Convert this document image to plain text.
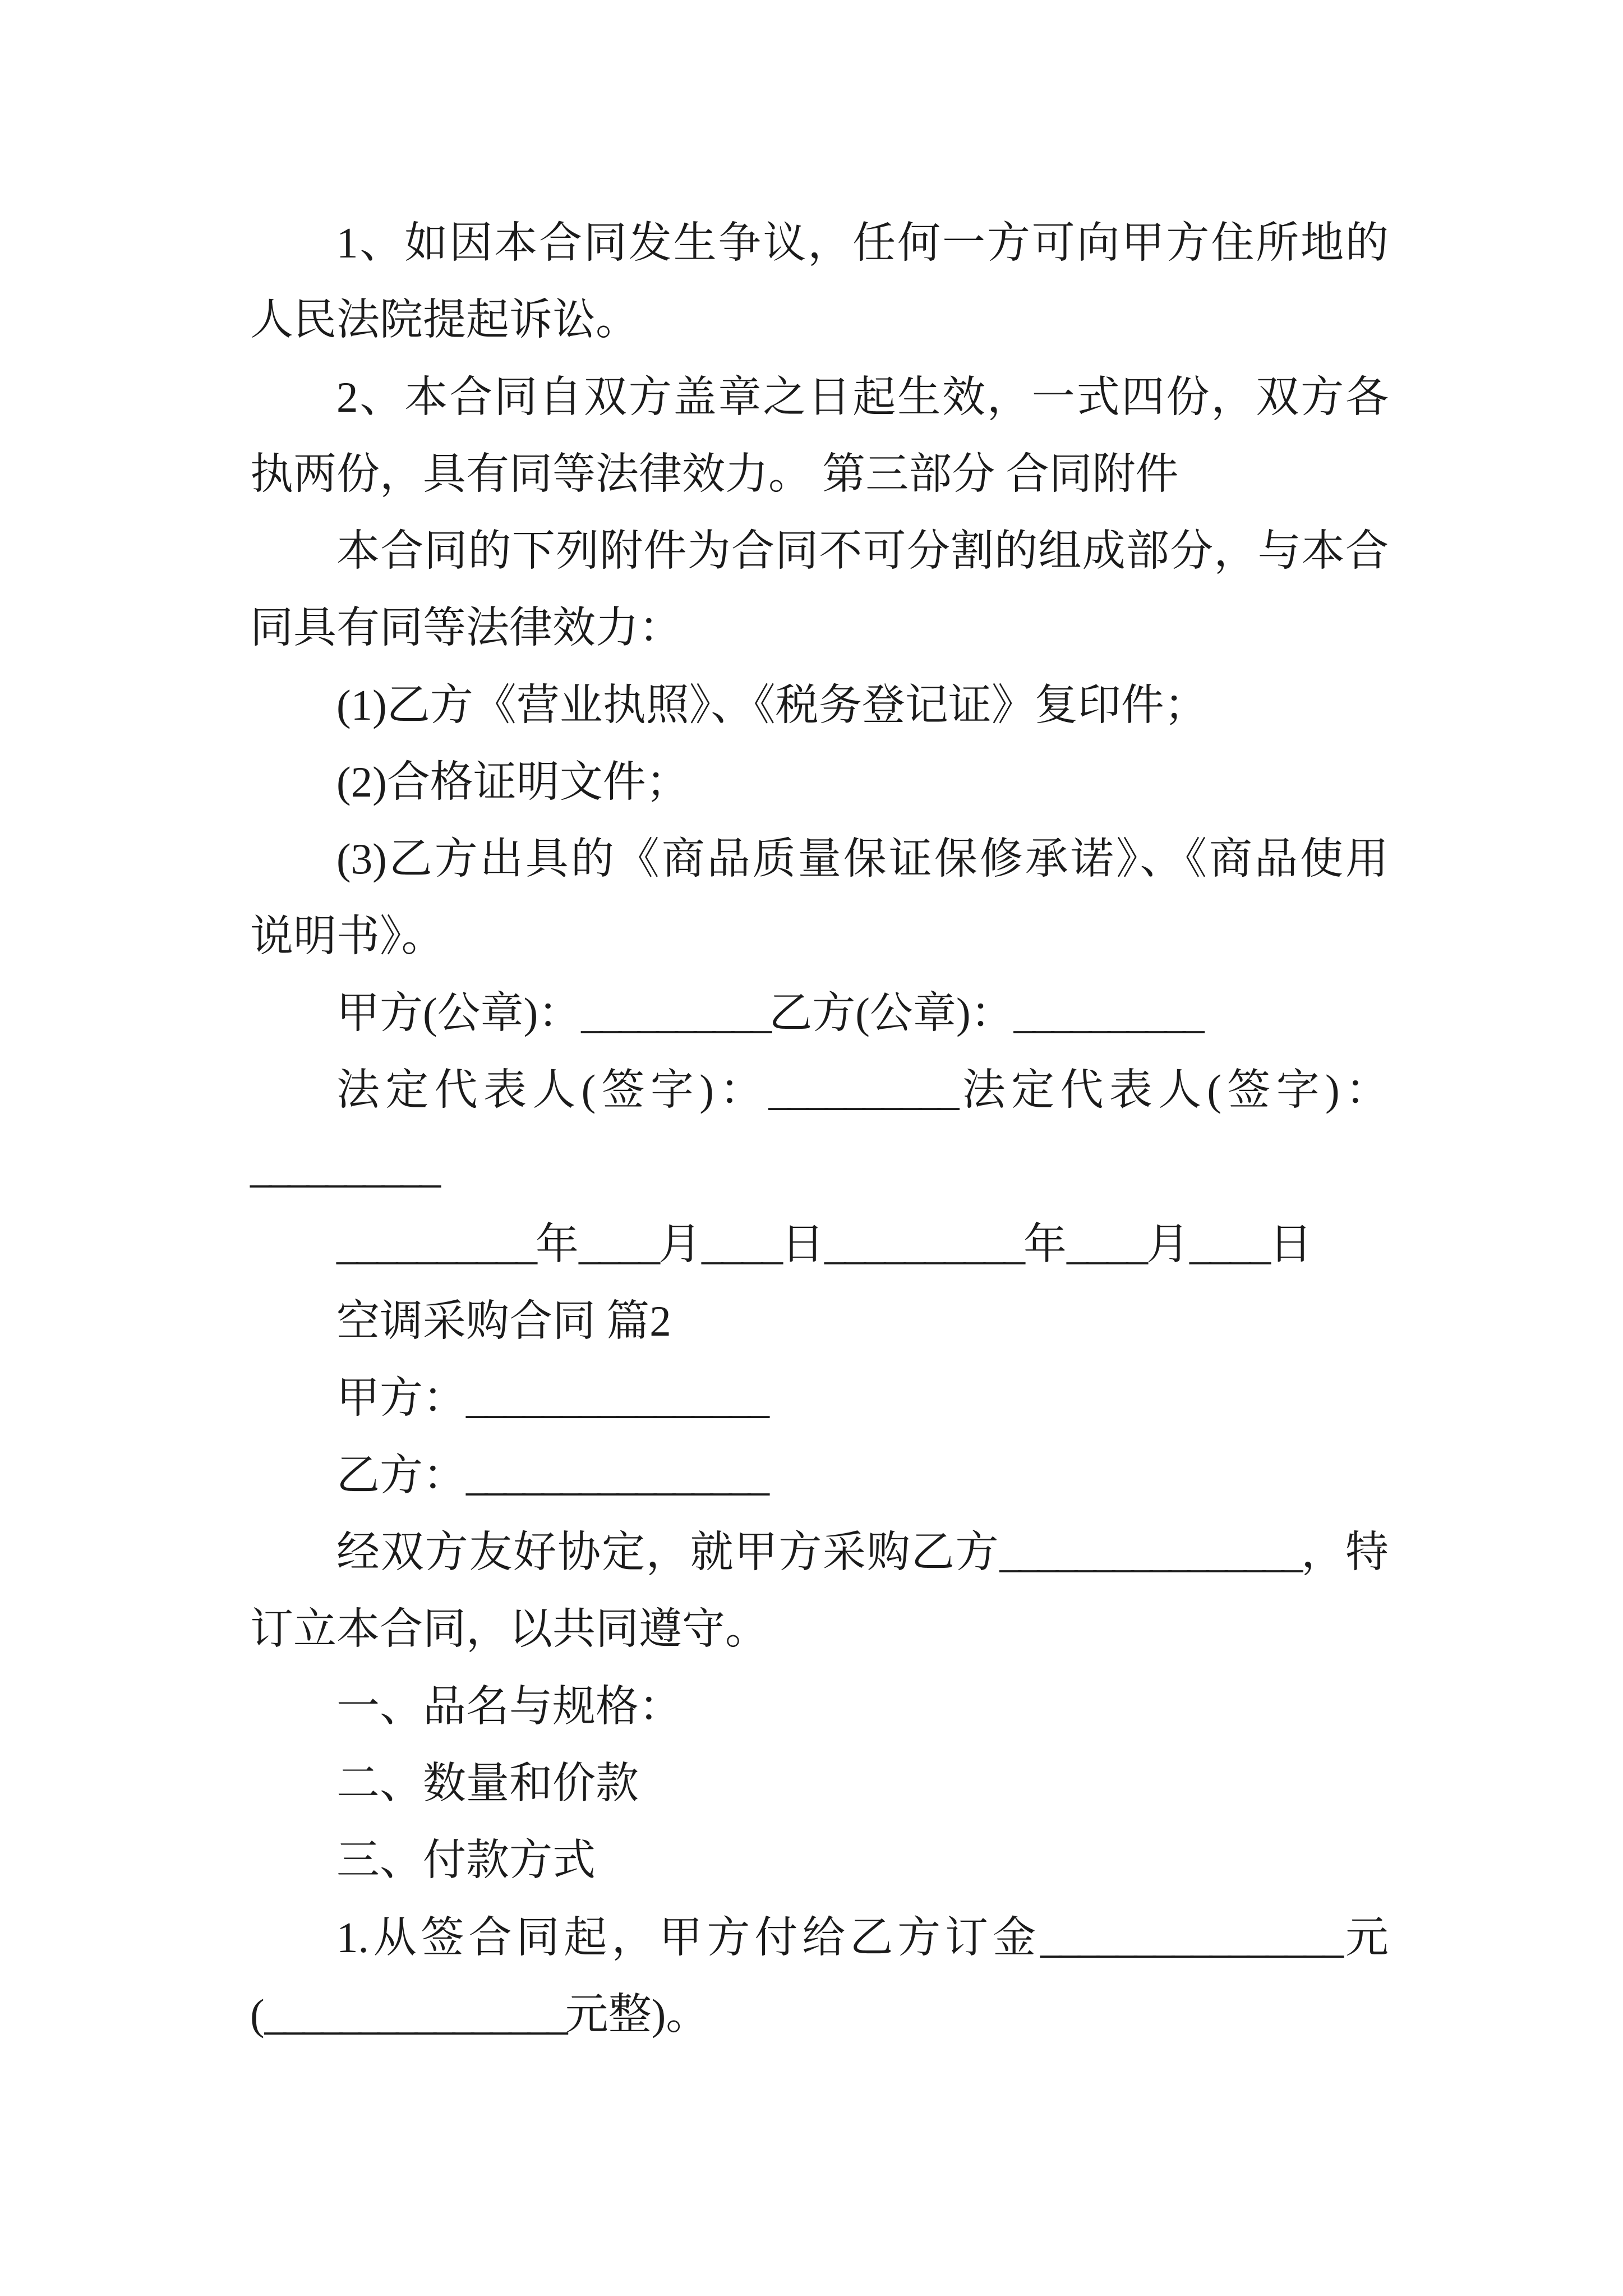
1、如因本合同发生争议，任何一方可向甲方住所地的
人民法院提起诉讼。
2、本合同自双方盖章之日起生效，一式四份，双方各
执两份，具有同等法律效力。 第三部分 合同附件
本合同的下列附件为合同不可分割的组成部分，与本合
同具有同等法律效力：
(1)乙方《营业执照》、《税务登记证》复印件；
(2)合格证明文件；
(3)乙方出具的《商品质量保证保修承诺》、《商品使用
说明书》。
甲方(公章)：__________乙方(公章)：__________
法定代表人(签字)：__________法定代表人(签字)：
__________
__________年____月____日__________年____月____日
空调采购合同 篇2
甲方：________________
乙方：________________
经双方友好协定，就甲方采购乙方________________，特
订立本合同，以共同遵守。
一、品名与规格：
二、数量和价款
三、付款方式
1.从签合同起，甲方付给乙方订金________________元
(________________元整)。
